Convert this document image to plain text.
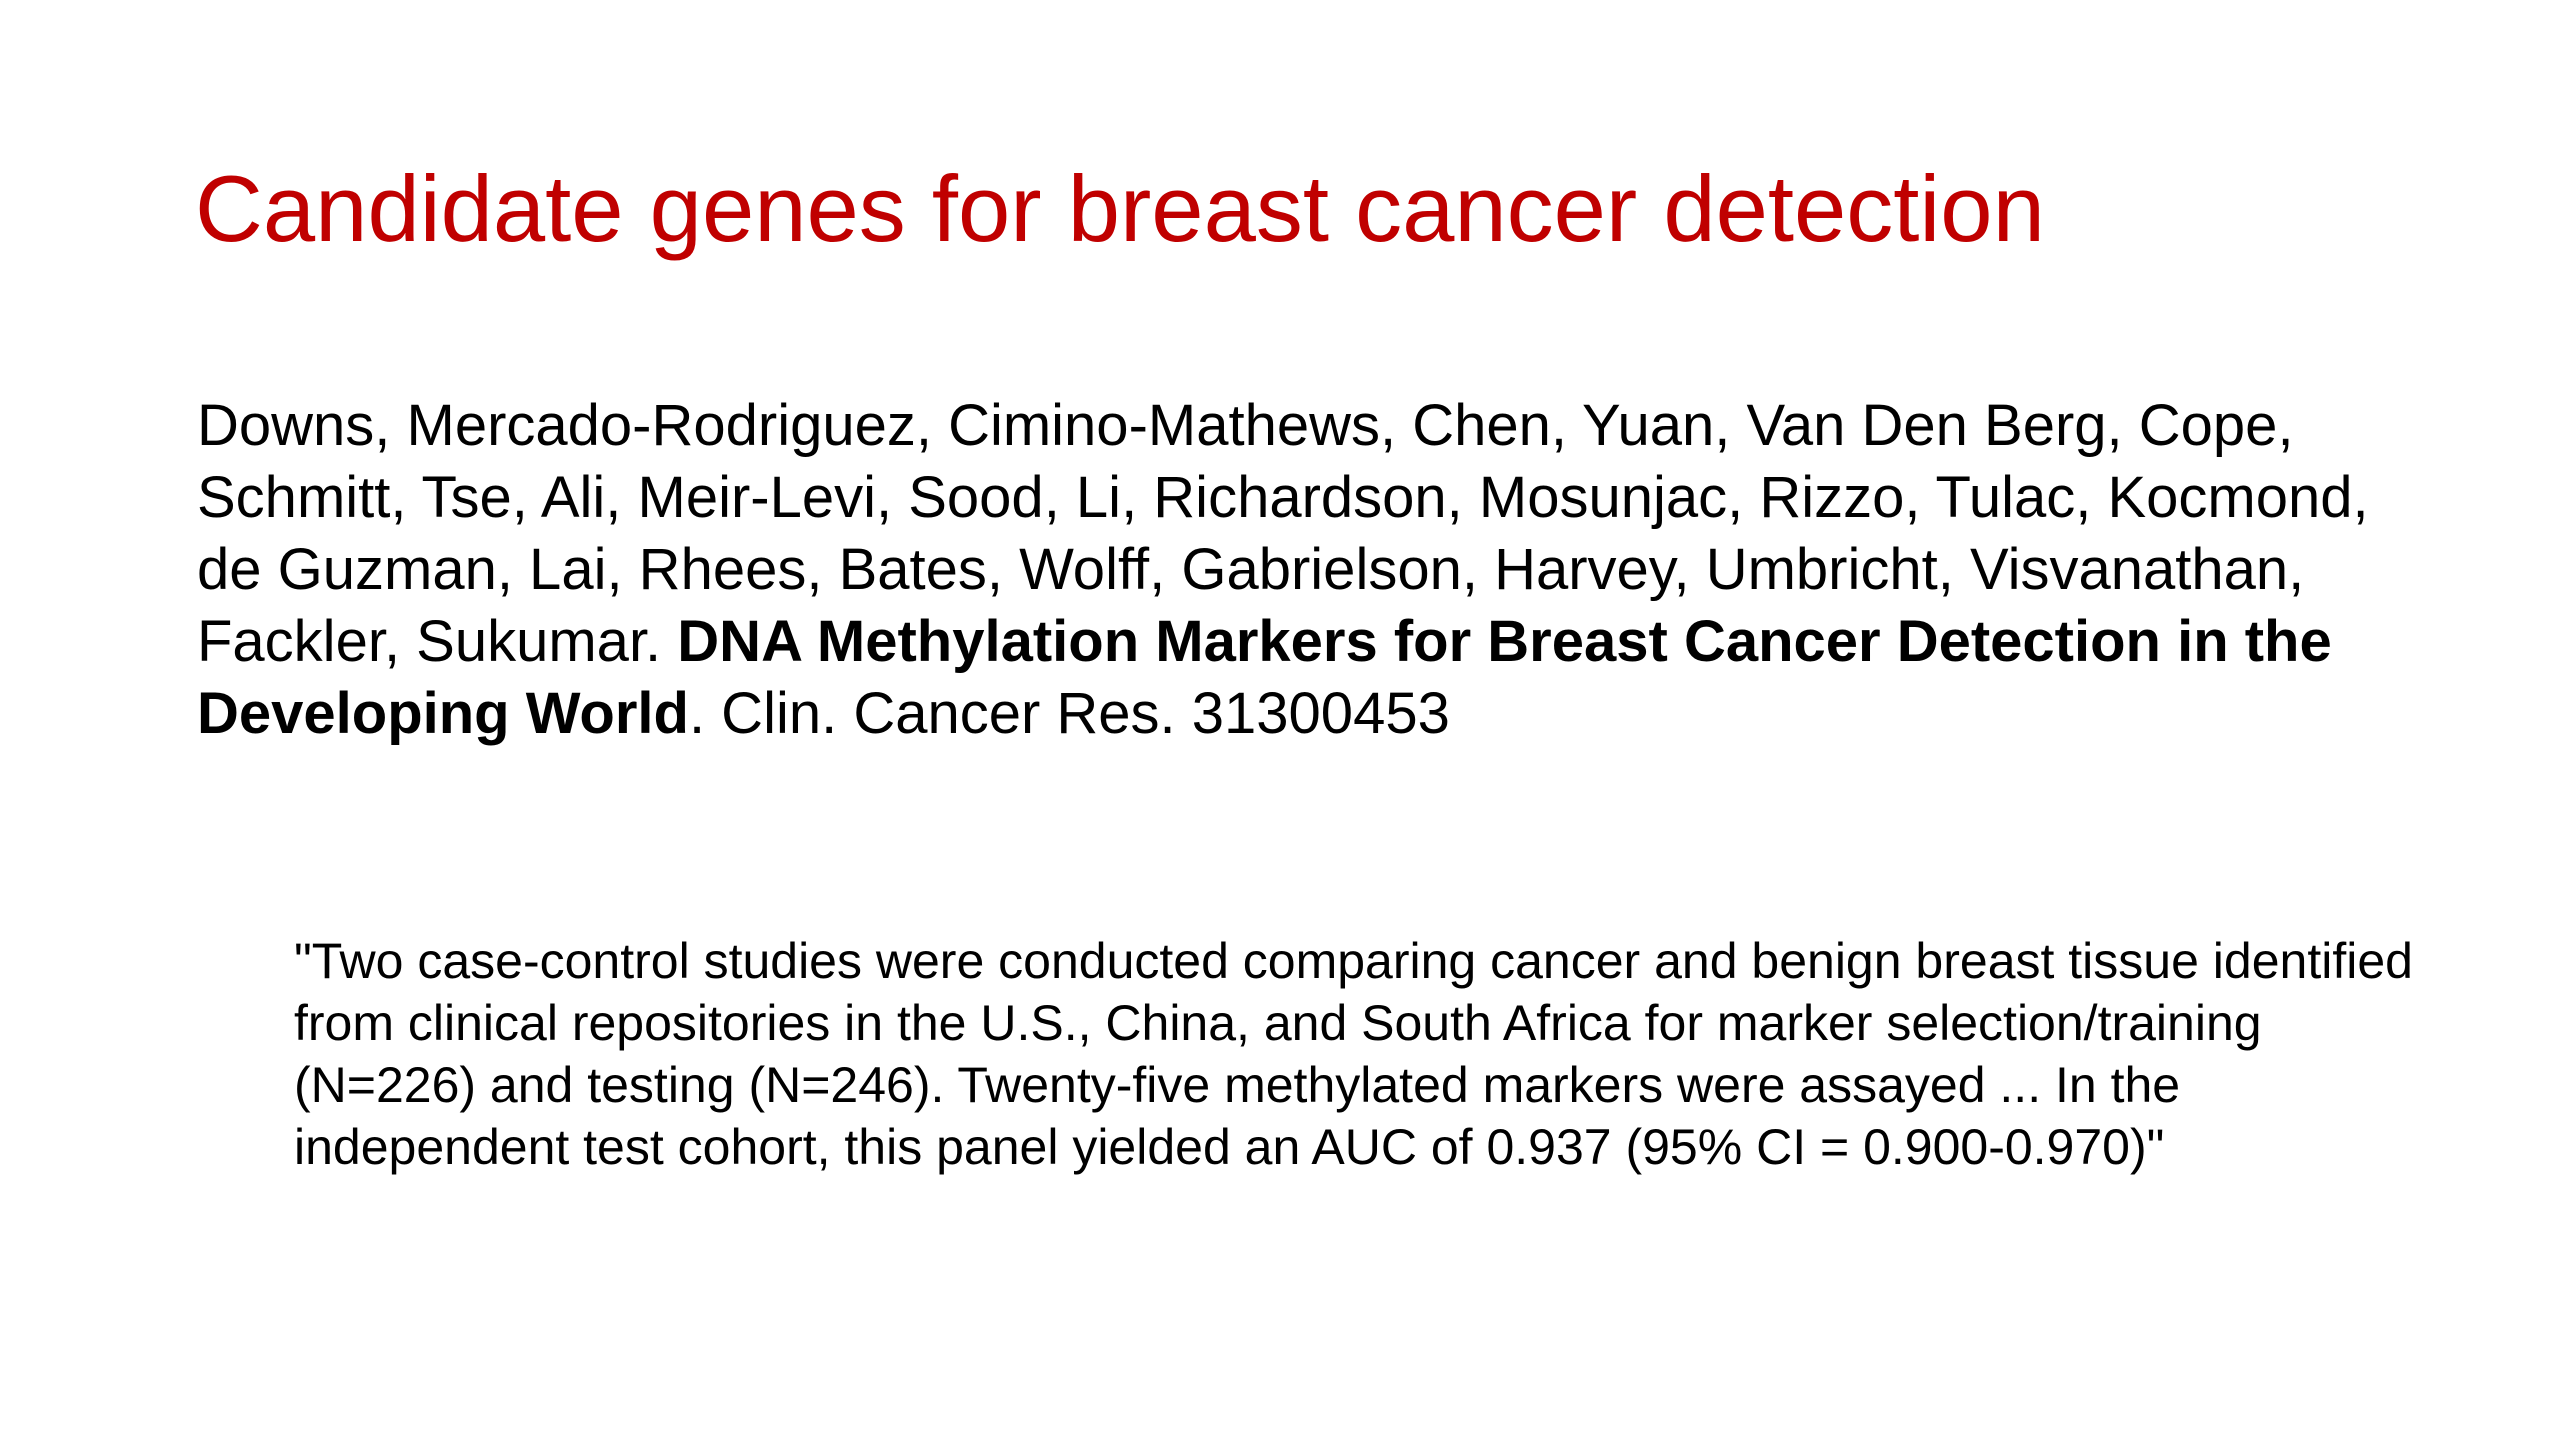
Candidate genes for breast cancer detection

Downs, Mercado-Rodriguez, Cimino-Mathews, Chen, Yuan, Van Den Berg, Cope, Schmitt, Tse, Ali, Meir-Levi, Sood, Li, Richardson, Mosunjac, Rizzo, Tulac, Kocmond, de Guzman, Lai, Rhees, Bates, Wolff, Gabrielson, Harvey, Umbricht, Visvanathan, Fackler, Sukumar. DNA Methylation Markers for Breast Cancer Detection in the Developing World. Clin. Cancer Res. 31300453

"Two case-control studies were conducted comparing cancer and benign breast tissue identified from clinical repositories in the U.S., China, and South Africa for marker selection/training (N=226) and testing (N=246). Twenty-five methylated markers were assayed ... In the independent test cohort, this panel yielded an AUC of 0.937 (95% CI = 0.900-0.970)"
